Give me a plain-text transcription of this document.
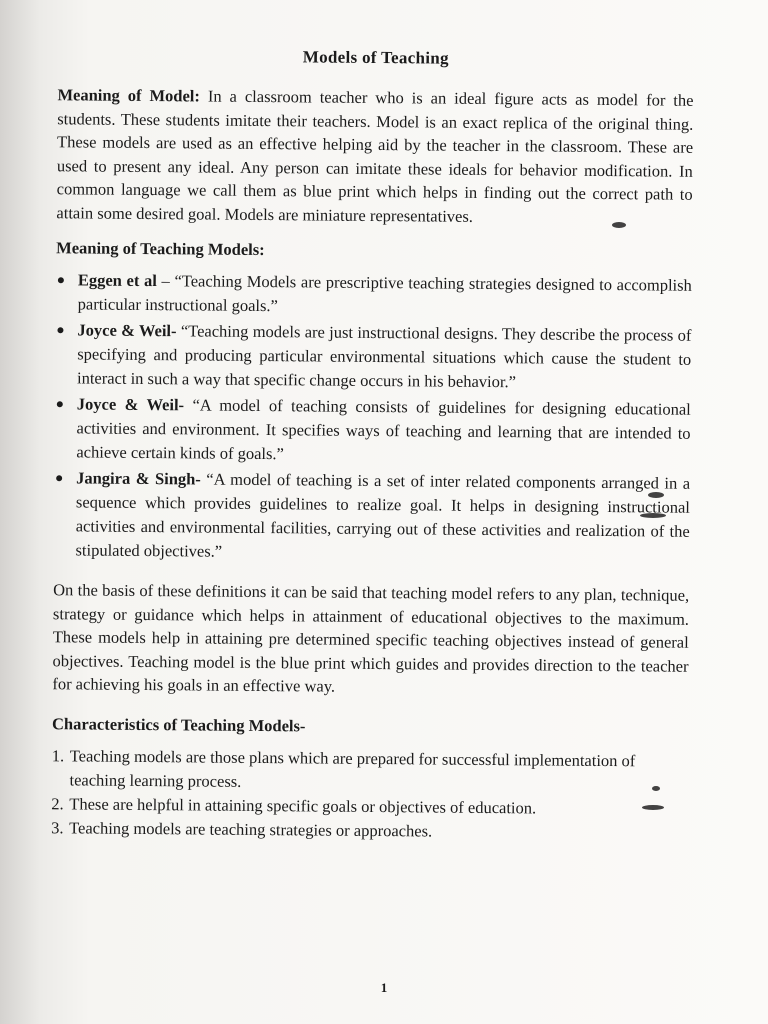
Models of Teaching

Meaning of Model: In a classroom teacher who is an ideal figure acts as model for the students. These students imitate their teachers. Model is an exact replica of the original thing. These models are used as an effective helping aid by the teacher in the classroom. These are used to present any ideal. Any person can imitate these ideals for behavior modification. In common language we call them as blue print which helps in finding out the correct path to attain some desired goal. Models are miniature representatives.

Meaning of Teaching Models:
Eggen et al – “Teaching Models are prescriptive teaching strategies designed to accomplish particular instructional goals.”
Joyce & Weil- “Teaching models are just instructional designs. They describe the process of specifying and producing particular environmental situations which cause the student to interact in such a way that specific change occurs in his behavior.”
Joyce & Weil- “A model of teaching consists of guidelines for designing educational activities and environment. It specifies ways of teaching and learning that are intended to achieve certain kinds of goals.”
Jangira & Singh- “A model of teaching is a set of inter related components arranged in a sequence which provides guidelines to realize goal. It helps in designing instructional activities and environmental facilities, carrying out of these activities and realization of the stipulated objectives.”

On the basis of these definitions it can be said that teaching model refers to any plan, technique, strategy or guidance which helps in attainment of educational objectives to the maximum. These models help in attaining pre determined specific teaching objectives instead of general objectives. Teaching model is the blue print which guides and provides direction to the teacher for achieving his goals in an effective way.

Characteristics of Teaching Models-
1. Teaching models are those plans which are prepared for successful implementation of teaching learning process.
2. These are helpful in attaining specific goals or objectives of education.
3. Teaching models are teaching strategies or approaches.
1
